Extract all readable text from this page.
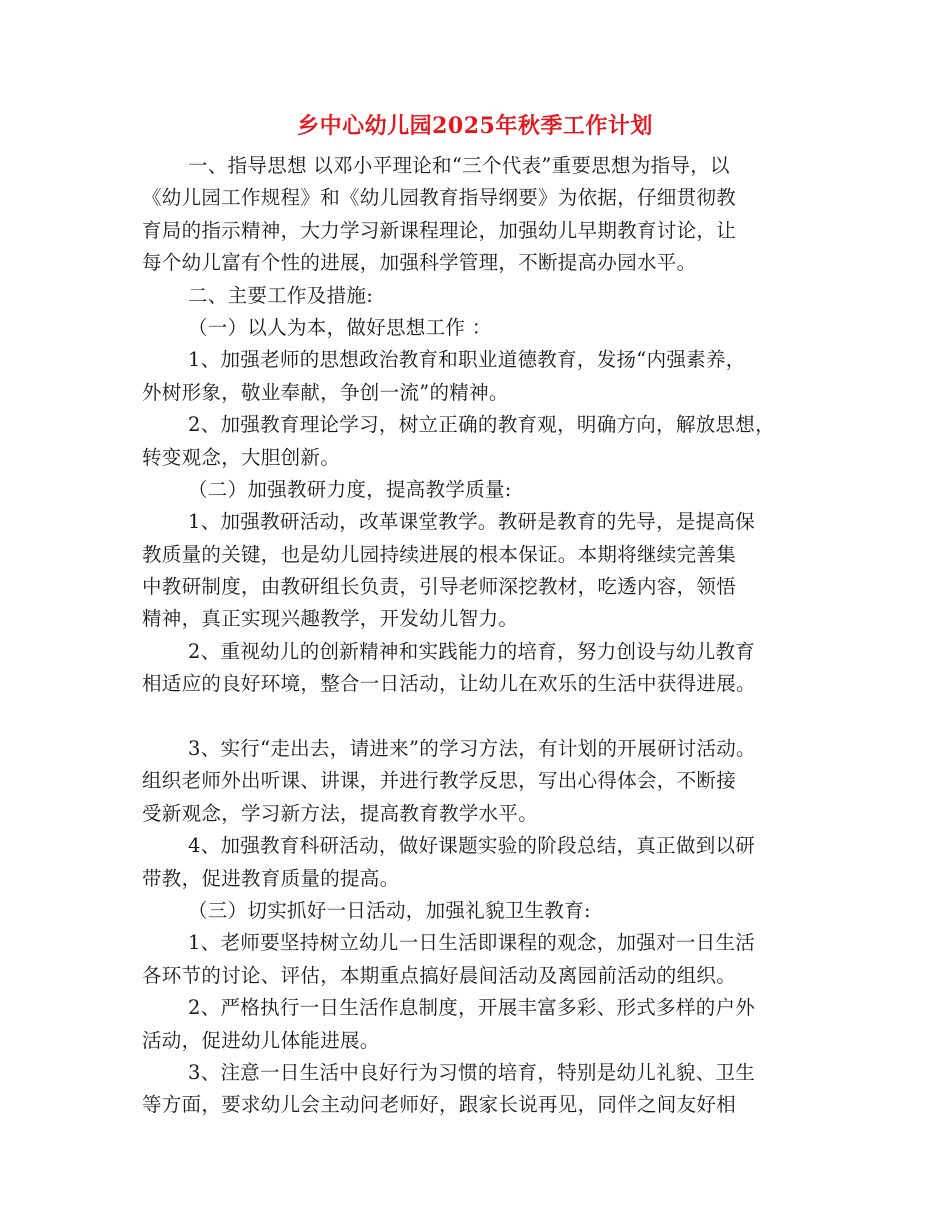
乡中心幼儿园2025年秋季工作计划
一、指导思想 以邓小平理论和“三个代表”重要思想为指导，以
《幼儿园工作规程》和《幼儿园教育指导纲要》为依据，仔细贯彻教
育局的指示精神，大力学习新课程理论，加强幼儿早期教育讨论，让
每个幼儿富有个性的进展，加强科学管理，不断提高办园水平。
二、主要工作及措施:
（一）以人为本，做好思想工作 ：
1、加强老师的思想政治教育和职业道德教育，发扬“内强素养，
外树形象，敬业奉献，争创一流”的精神。
2、加强教育理论学习，树立正确的教育观，明确方向，解放思想，
转变观念，大胆创新。
（二）加强教研力度，提高教学质量:
1、加强教研活动，改革课堂教学。教研是教育的先导，是提高保
教质量的关键，也是幼儿园持续进展的根本保证。本期将继续完善集
中教研制度，由教研组长负责，引导老师深挖教材，吃透内容，领悟
精神，真正实现兴趣教学，开发幼儿智力。
2、重视幼儿的创新精神和实践能力的培育，努力创设与幼儿教育
相适应的良好环境，整合一日活动，让幼儿在欢乐的生活中获得进展。
3、实行“走出去，请进来”的学习方法，有计划的开展研讨活动。
组织老师外出听课、讲课，并进行教学反思，写出心得体会，不断接
受新观念，学习新方法，提高教育教学水平。
4、加强教育科研活动，做好课题实验的阶段总结，真正做到以研
带教，促进教育质量的提高。
（三）切实抓好一日活动，加强礼貌卫生教育:
1、老师要坚持树立幼儿一日生活即课程的观念，加强对一日生活
各环节的讨论、评估，本期重点搞好晨间活动及离园前活动的组织。
2、严格执行一日生活作息制度，开展丰富多彩、形式多样的户外
活动，促进幼儿体能进展。
3、注意一日生活中良好行为习惯的培育，特别是幼儿礼貌、卫生
等方面，要求幼儿会主动问老师好，跟家长说再见，同伴之间友好相
